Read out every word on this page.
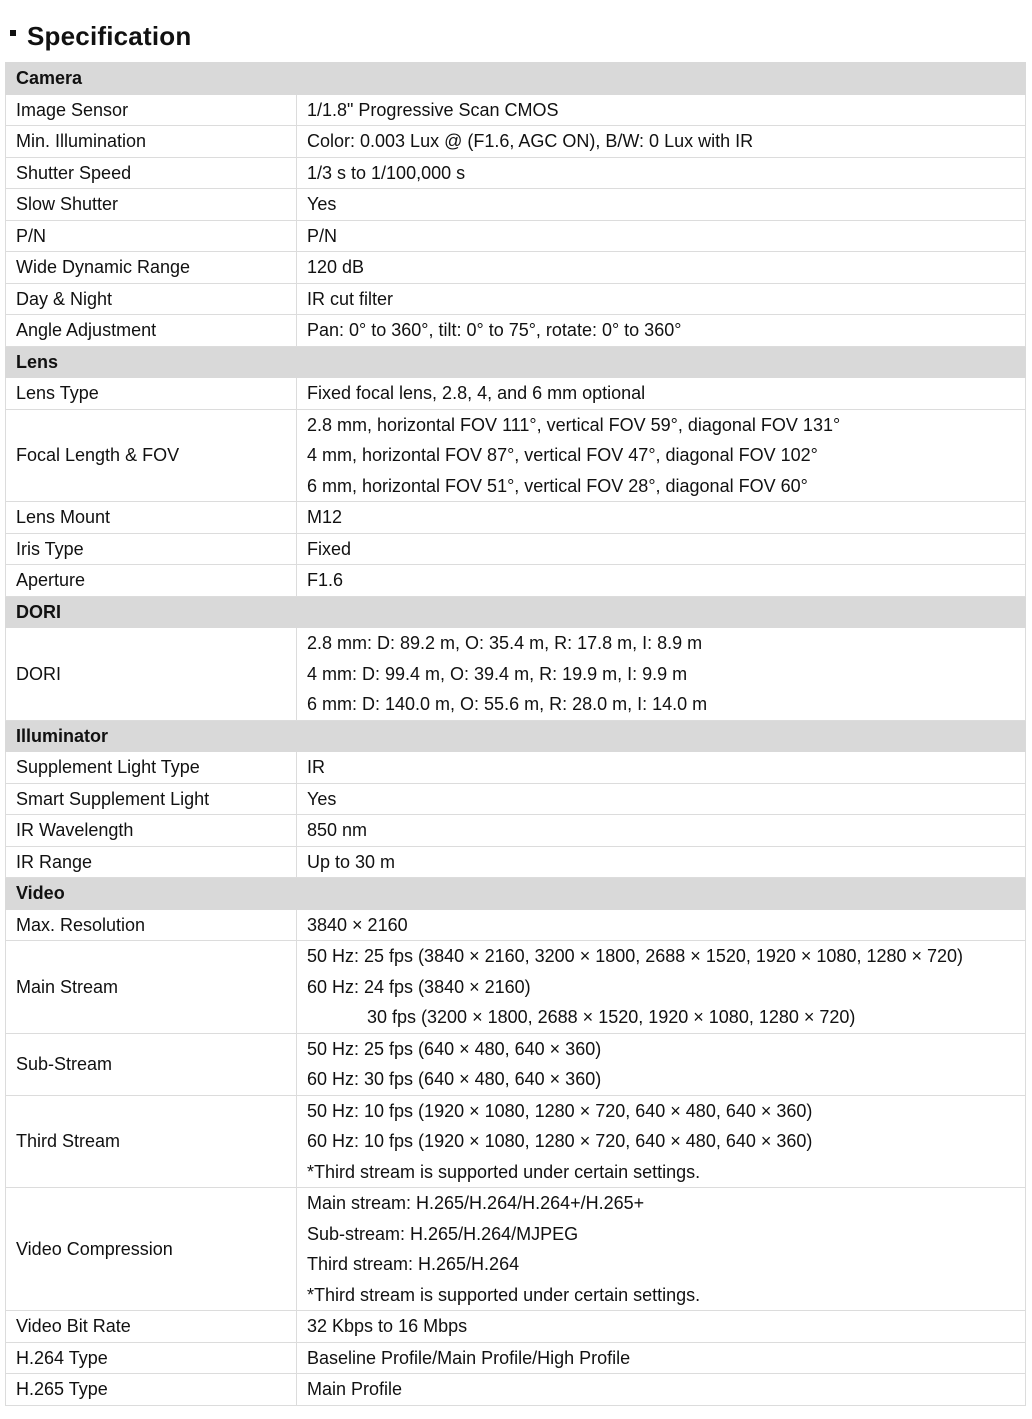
Specification
Camera	
Image Sensor	1/1.8" Progressive Scan CMOS

Min. Illumination	Color: 0.003 Lux @ (F1.6, AGC ON), B/W: 0 Lux with IR

Shutter Speed	1/3 s to 1/100,000 s

Slow Shutter	Yes

P/N	P/N

Wide Dynamic Range	120 dB

Day & Night	IR cut filter

Angle Adjustment	Pan: 0° to 360°, tilt: 0° to 75°, rotate: 0° to 360°

Lens	
Lens Type	Fixed focal lens, 2.8, 4, and 6 mm optional

Focal Length & FOV	2.8 mm, horizontal FOV 111°, vertical FOV 59°, diagonal FOV 131°
4 mm, horizontal FOV 87°, vertical FOV 47°, diagonal FOV 102°
6 mm, horizontal FOV 51°, vertical FOV 28°, diagonal FOV 60°

Lens Mount	M12

Iris Type	Fixed

Aperture	F1.6

DORI	
DORI	2.8 mm: D: 89.2 m, O: 35.4 m, R: 17.8 m, I: 8.9 m
4 mm: D: 99.4 m, O: 39.4 m, R: 19.9 m, I: 9.9 m
6 mm: D: 140.0 m, O: 55.6 m, R: 28.0 m, I: 14.0 m

Illuminator	
Supplement Light Type	IR

Smart Supplement Light	Yes

IR Wavelength	850 nm

IR Range	Up to 30 m

Video	
Max. Resolution	3840 × 2160

Main Stream	50 Hz: 25 fps (3840 × 2160, 3200 × 1800, 2688 × 1520, 1920 × 1080, 1280 × 720)
60 Hz: 24 fps (3840 × 2160)
30 fps (3200 × 1800, 2688 × 1520, 1920 × 1080, 1280 × 720)

Sub-Stream	50 Hz: 25 fps (640 × 480, 640 × 360)
60 Hz: 30 fps (640 × 480, 640 × 360)

Third Stream	50 Hz: 10 fps (1920 × 1080, 1280 × 720, 640 × 480, 640 × 360)
60 Hz: 10 fps (1920 × 1080, 1280 × 720, 640 × 480, 640 × 360)
*Third stream is supported under certain settings.

Video Compression	Main stream: H.265/H.264/H.264+/H.265+
Sub-stream: H.265/H.264/MJPEG
Third stream: H.265/H.264
*Third stream is supported under certain settings.

Video Bit Rate	32 Kbps to 16 Mbps

H.264 Type	Baseline Profile/Main Profile/High Profile

H.265 Type	Main Profile
